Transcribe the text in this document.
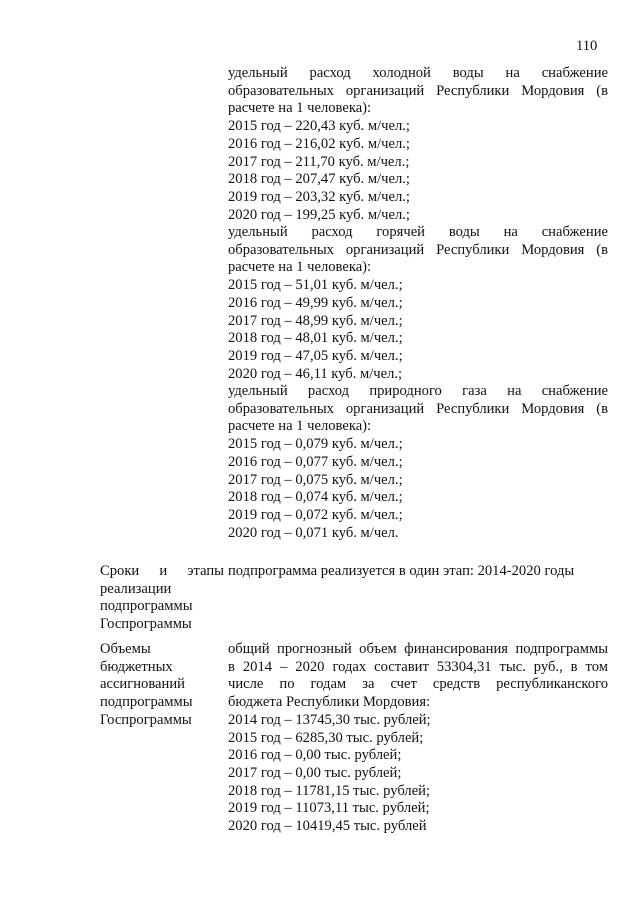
110
удельный расход холодной воды на снабжение
образовательных организаций Республики Мордовия (в
расчете на 1 человека):
2015 год – 220,43 куб. м/чел.;
2016 год – 216,02 куб. м/чел.;
2017 год – 211,70 куб. м/чел.;
2018 год – 207,47 куб. м/чел.;
2019 год – 203,32 куб. м/чел.;
2020 год – 199,25 куб. м/чел.;
удельный расход горячей воды на снабжение
образовательных организаций Республики Мордовия (в
расчете на 1 человека):
2015 год – 51,01 куб. м/чел.;
2016 год – 49,99 куб. м/чел.;
2017 год – 48,99 куб. м/чел.;
2018 год – 48,01 куб. м/чел.;
2019 год – 47,05 куб. м/чел.;
2020 год – 46,11 куб. м/чел.;
удельный расход природного газа на снабжение
образовательных организаций Республики Мордовия (в
расчете на 1 человека):
2015 год – 0,079 куб. м/чел.;
2016 год – 0,077 куб. м/чел.;
2017 год – 0,075 куб. м/чел.;
2018 год – 0,074 куб. м/чел.;
2019 год – 0,072 куб. м/чел.;
2020 год – 0,071 куб. м/чел.
Сроки и этапы
реализации
подпрограммы
Госпрограммы
подпрограмма реализуется в один этап: 2014-2020 годы
Объемы
бюджетных
ассигнований
подпрограммы
Госпрограммы
общий прогнозный объем финансирования подпрограммы
в 2014 – 2020 годах составит 53304,31 тыс. руб., в том
числе по годам за счет средств республиканского
бюджета Республики Мордовия:
2014 год – 13745,30 тыс. рублей;
2015 год – 6285,30 тыс. рублей;
2016 год – 0,00 тыс. рублей;
2017 год – 0,00 тыс. рублей;
2018 год – 11781,15 тыс. рублей;
2019 год – 11073,11 тыс. рублей;
2020 год – 10419,45 тыс. рублей
